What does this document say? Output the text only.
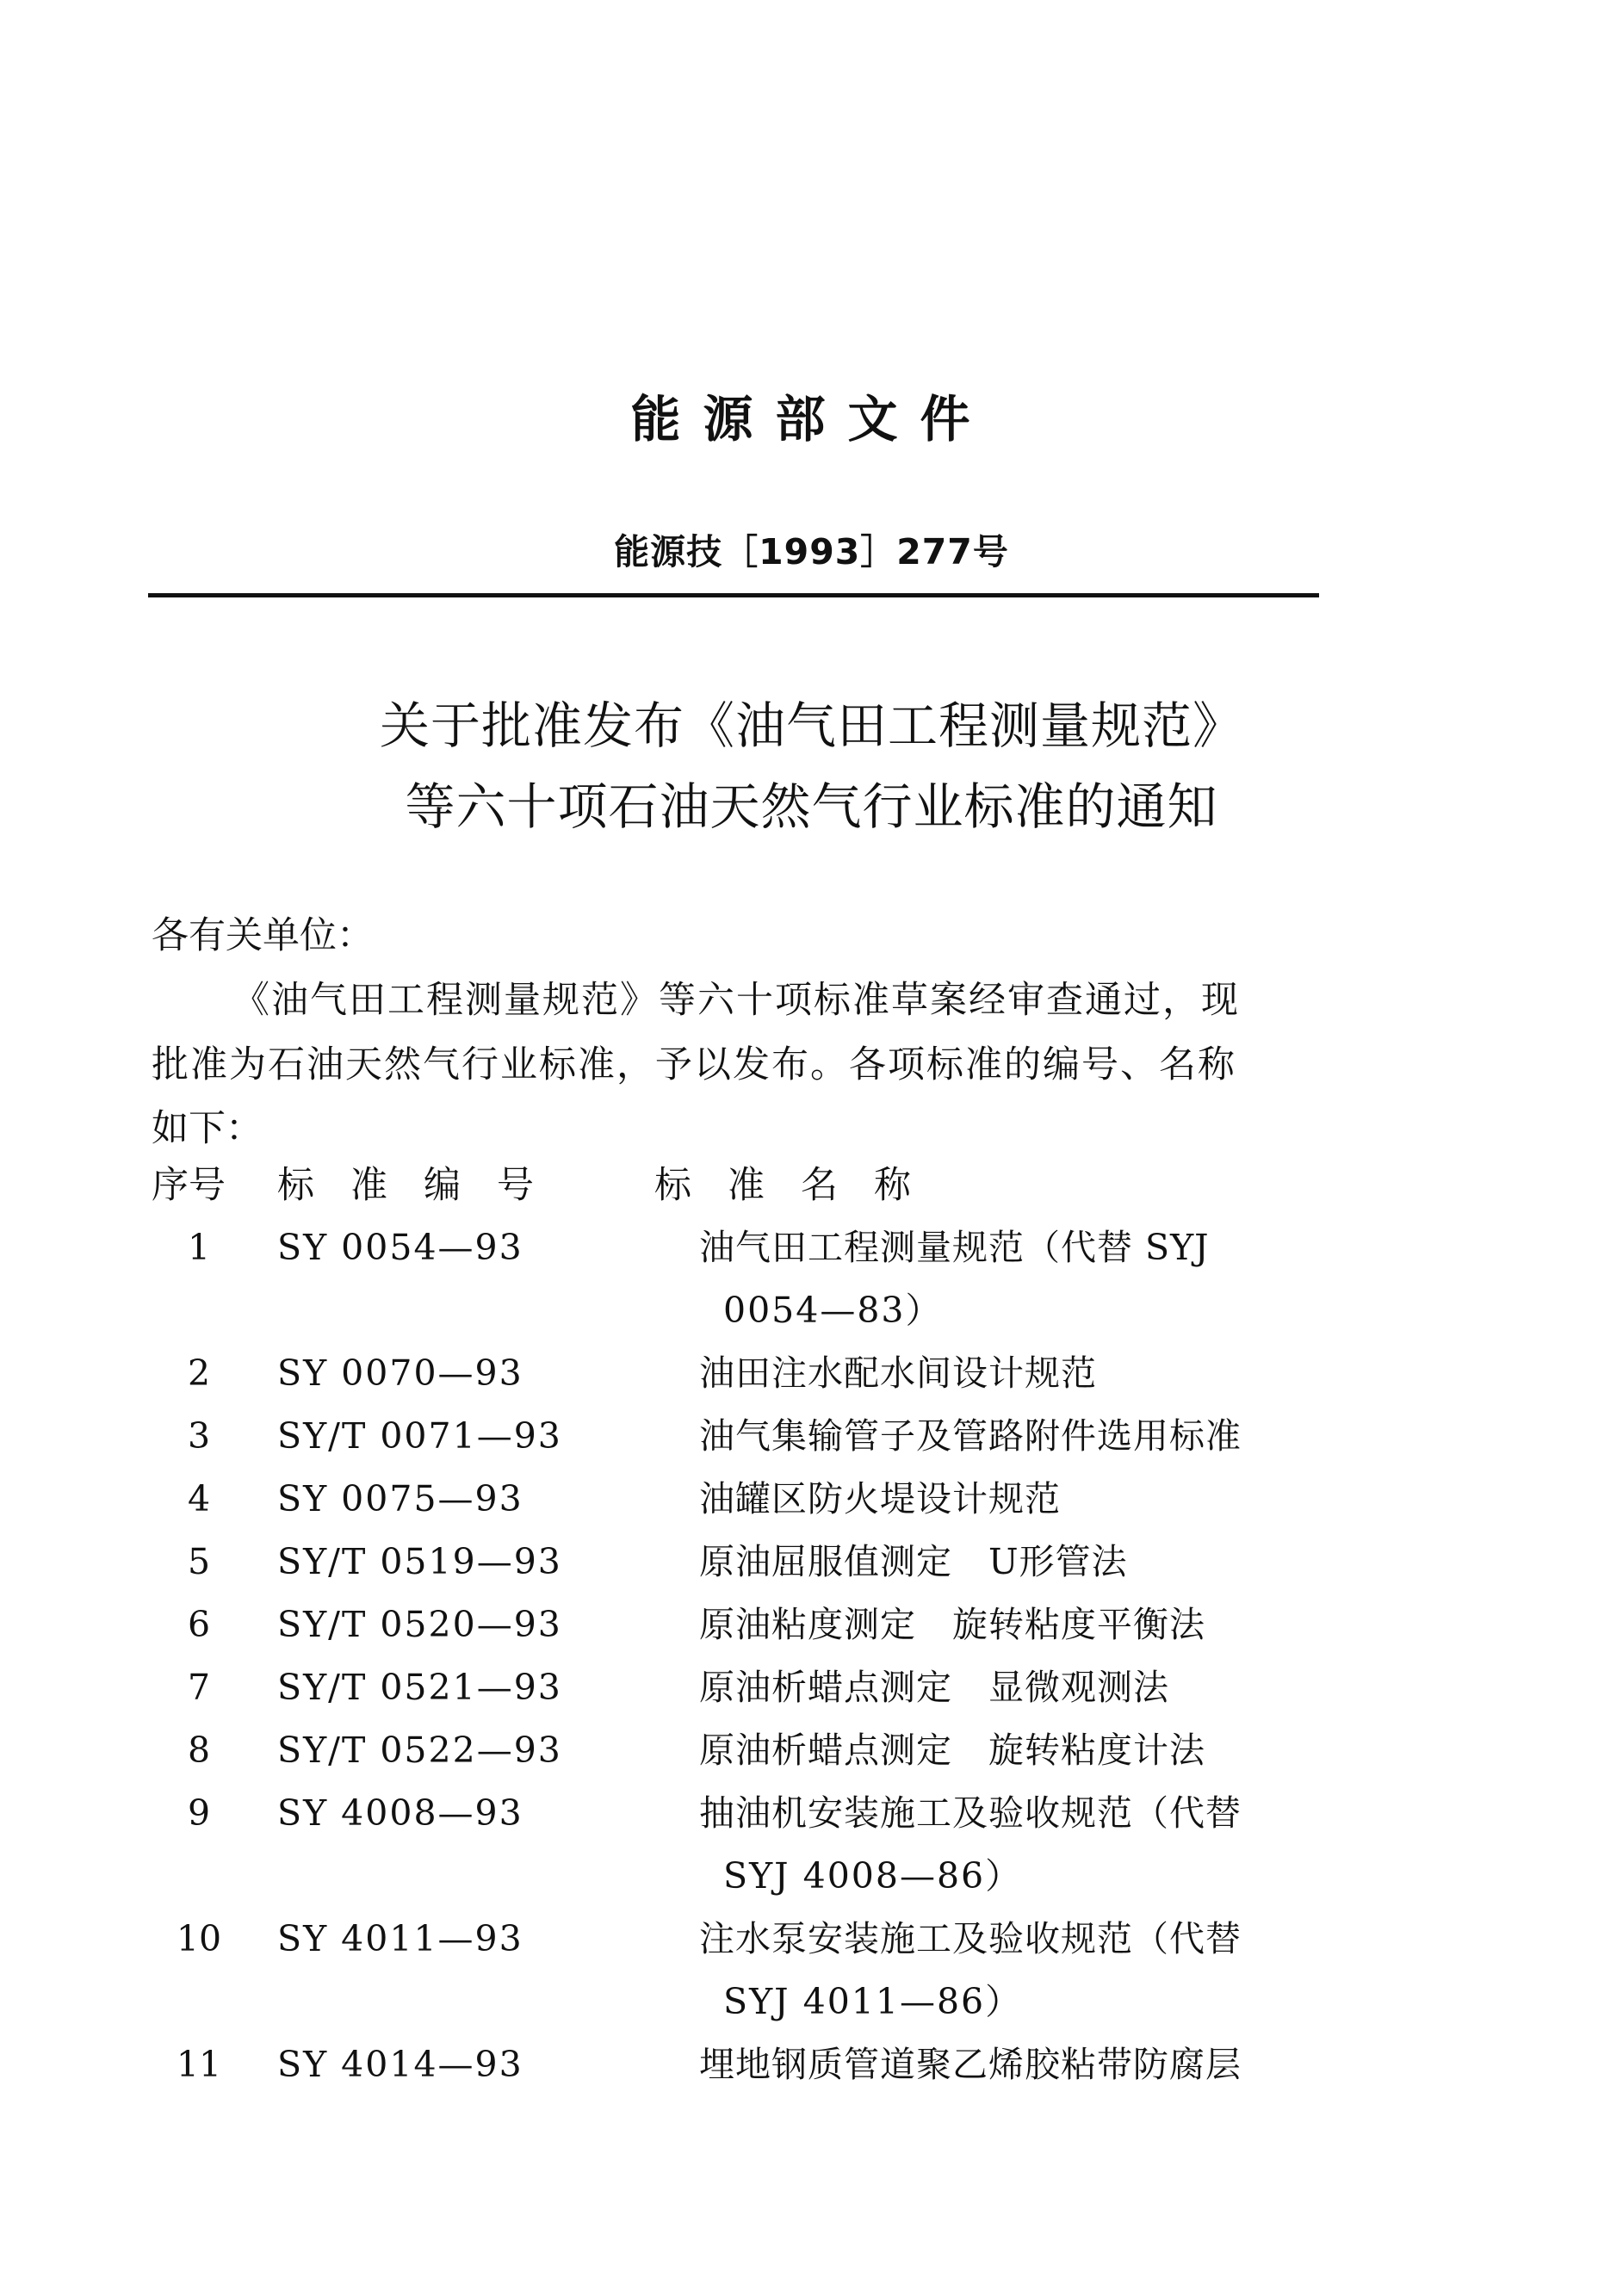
能源部文件
能源技［1993］277号
关于批准发布《油气田工程测量规范》
等六十项石油天然气行业标准的通知
各有关单位：
《油气田工程测量规范》等六十项标准草案经审查通过，现
批准为石油天然气行业标准，予以发布。各项标准的编号、名称
如下：
序号 标准编号 标准名称
1	SY 0054—93	油气田工程测量规范（代替 SYJ
0054—83）
2	SY 0070—93	油田注水配水间设计规范
3	SY/T 0071—93	油气集输管子及管路附件选用标准
4	SY 0075—93	油罐区防火堤设计规范
5	SY/T 0519—93	原油屈服值测定　U形管法
6	SY/T 0520—93	原油粘度测定　旋转粘度平衡法
7	SY/T 0521—93	原油析蜡点测定　显微观测法
8	SY/T 0522—93	原油析蜡点测定　旋转粘度计法
9	SY 4008—93	抽油机安装施工及验收规范（代替
SYJ 4008—86）
10	SY 4011—93	注水泵安装施工及验收规范（代替
SYJ 4011—86）
11	SY 4014—93	埋地钢质管道聚乙烯胶粘带防腐层
